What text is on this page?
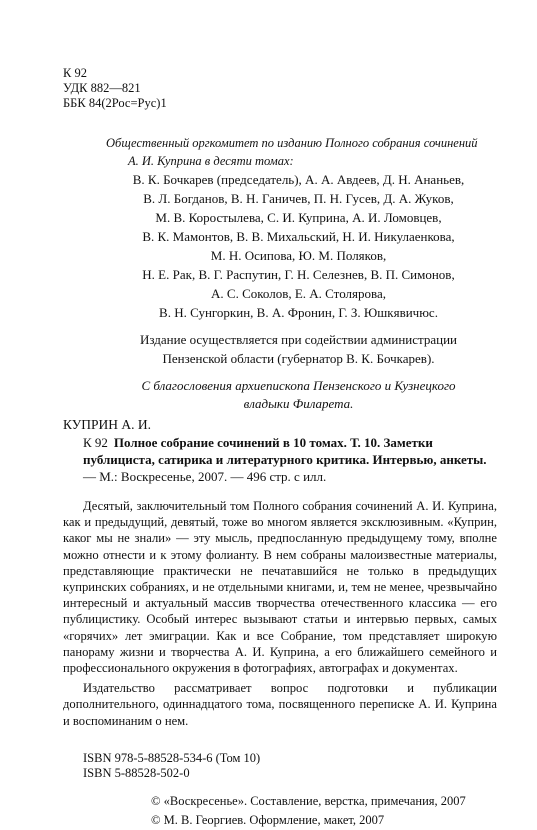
К 92
УДК 882—821
ББК 84(2Рос=Рус)1
Общественный оргкомитет по изданию Полного собрания сочинений
А. И. Куприна в десяти томах:
В. К. Бочкарев (председатель), А. А. Авдеев, Д. Н. Ананьев,
В. Л. Богданов, В. Н. Ганичев, П. Н. Гусев, Д. А. Жуков,
М. В. Коростылева, С. И. Куприна, А. И. Ломовцев,
В. К. Мамонтов, В. В. Михальский, Н. И. Никулаенкова,
М. Н. Осипова, Ю. М. Поляков,
Н. Е. Рак, В. Г. Распутин, Г. Н. Селезнев, В. П. Симонов,
А. С. Соколов, Е. А. Столярова,
В. Н. Сунгоркин, В. А. Фронин, Г. З. Юшкявичюс.
Издание осуществляется при содействии администрации
Пензенской области (губернатор В. К. Бочкарев).
С благословения архиепископа Пензенского и Кузнецкого
владыки Филарета.
КУПРИН А. И.
К 92 Полное собрание сочинений в 10 томах. Т. 10. Заметки публициста, сатирика и литературного критика. Интервью, анкеты. — М.: Воскресенье, 2007. — 496 стр. с илл.

Десятый, заключительный том Полного собрания сочинений А. И. Куприна, как и предыдущий, девятый, тоже во многом является эксклюзивным. «Куприн, каког мы не знали» — эту мысль, предпосланную предыдущему тому, вполне можно отнести и к этому фолианту. В нем собраны малоизвестные материалы, представляющие практически не печатавшийся не только в предыдущих купринских собраниях, и не отдельными книгами, и, тем не менее, чрезвычайно интересный и актуальный массив творчества отечественного классика — его публицистику. Особый интерес вызывают статьи и интервью первых, самых «горячих» лет эмиграции. Как и все Собрание, том представляет широкую панораму жизни и творчества А. И. Куприна, а его ближайшего семейного и профессионального окружения в фотографиях, автографах и документах.

Издательство рассматривает вопрос подготовки и публикации дополнительного, одиннадцатого тома, посвященного переписке А. И. Куприна и воспоминаним о нем.

ISBN 978-5-88528-534-6 (Том 10)
ISBN 5-88528-502-0
© «Воскресенье». Составление, верстка, примечания, 2007
© М. В. Георгиев. Оформление, макет, 2007
